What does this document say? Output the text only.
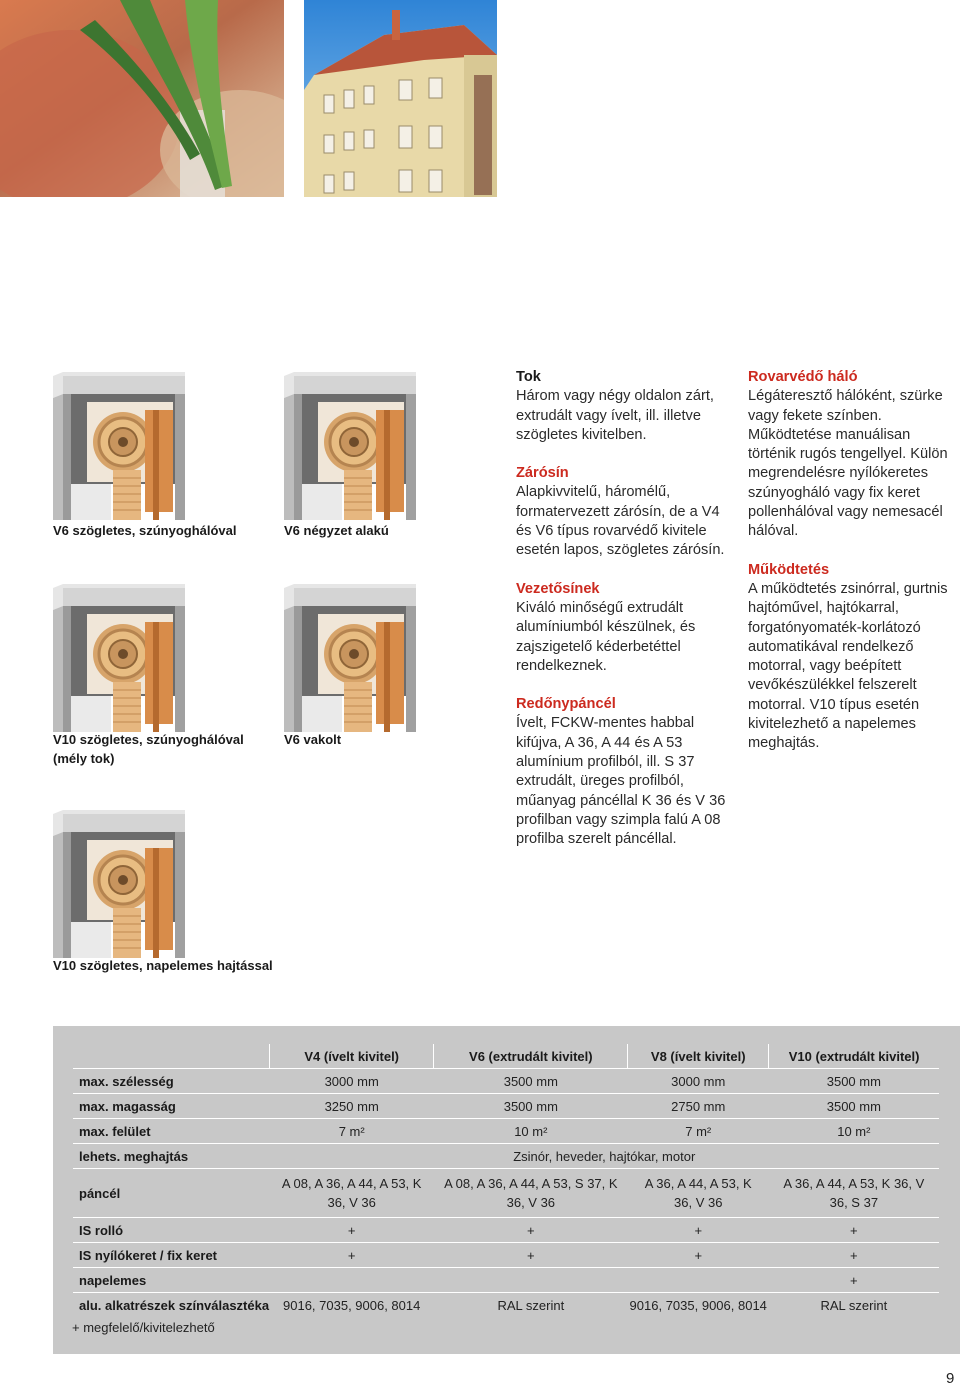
V6 szögletes, szúnyoghálóval	V6 négyzet alakú
V10 szögletes, szúnyoghálóval (mély tok)
V6 vakolt
V10 szögletes, napelemes hajtással
Tok

Három vagy négy oldalon zárt, extrudált vagy ívelt, ill. illetve szögletes kivitelben.

Zárósín

Alapkivvitelű, háromélű, formatervezett zárósín, de a V4 és V6 típus rovarvédő kivitele esetén lapos, szögletes zárósín.

Vezetősínek

Kiváló minőségű extrudált alumíniumból készülnek, és zajszigetelő kéderbetéttel rendelkeznek.

Redőnypáncél

Ívelt, FCKW-mentes habbal kifújva, A 36, A 44 és A 53 alumínium profilból, ill. S 37 extrudált, üreges profilból, műanyag páncéllal K 36 és V 36 profilban vagy szimpla falú A 08 profilba szerelt páncéllal.

Rovarvédő háló

Légáteresztő hálóként, szürke vagy fekete színben. Működtetése manuálisan történik rugós tengellyel. Külön megrendelésre nyílókeretes szúnyogháló vagy fix keret pollenhálóval vagy nemesacél hálóval.

Működtetés

A működtetés zsinórral, gurtnis hajtóművel, hajtókarral, forgatónyomaték-korlátozó automatikával rendelkező motorral, vagy beépített vevőkészülékkel felszerelt motorral. V10 típus esetén kivitelezhető a napelemes meghajtás.

	V4 (ívelt kivitel)	V6 (extrudált kivitel)	V8 (ívelt kivitel)	V10 (extrudált kivitel)
max. szélesség	3000 mm	3500 mm	3000 mm	3500 mm
max. magasság	3250 mm	3500 mm	2750 mm	3500 mm
max. felület	7 m²	10 m²	7 m²	10 m²
lehets. meghajtás	Zsinór, heveder, hajtókar, motor			
páncél	A 08, A 36, A 44, A 53, K 36, V 36	A 08, A 36, A 44, A 53, S 37, K 36, V 36	A 36, A 44, A 53, K 36, V 36	A 36, A 44, A 53, K 36, V 36, S 37
IS rolló	+	+	+	+
IS nyílókeret / fix keret	+	+	+	+
napelemes				+
alu. alkatrészek színválasztéka	9016, 7035, 9006, 8014	RAL szerint	9016, 7035, 9006, 8014	RAL szerint
+ megfelelő/kivitelezhető
9
